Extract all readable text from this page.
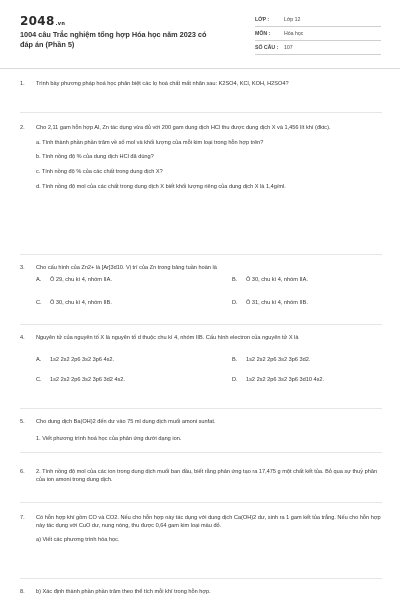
2048.vn
1004 câu Trắc nghiệm tổng hợp Hóa học năm 2023 có đáp án (Phần 5)
LỚP :	Lớp 12
MÔN :	Hóa học
SỐ CÂU : 107
1. Trình bày phương pháp hoá học phân biệt các lọ hoá chất mất nhãn sau: K2SO4, KCl, KOH, H2SO4?
2. Cho 2,11 gam hỗn hợp Al, Zn tác dụng vừa đủ với 200 gam dung dịch HCl thu được dung dịch X và 1,456 lít khí (đktc).
a. Tính thành phần phần trăm về số mol và khối lượng của mỗi kim loại trong hỗn hợp trên?
b. Tính nồng độ % của dung dịch HCl đã dùng?
c. Tính nồng độ % của các chất trong dung dịch X?
d. Tính nồng độ mol của các chất trong dung dịch X biết khối lượng riêng của dung dịch X là 1,4g/ml.
3. Cho cấu hình của Zn2+ là [Ar]3d10. Vị trí của Zn trong bảng tuần hoàn là
A. Ô 29, chu kì 4, nhóm IIA.	B. Ô 30, chu kì 4, nhóm IIA.
C. Ô 30, chu kì 4, nhóm IIB.	D. Ô 31, chu kì 4, nhóm IIB.
4. Nguyên tử của nguyên tố X là nguyên tố d thuộc chu kì 4, nhóm IIB. Cấu hình electron của nguyên tử X là
A. 1s2 2s2 2p6 3s2 3p6 4s2.	B. 1s2 2s2 2p6 3s2 3p6 3d2.
C. 1s2 2s2 2p6 3s2 3p6 3d2 4s2.	D. 1s2 2s2 2p6 3s2 3p6 3d10 4s2.
5. Cho dung dịch Ba(OH)2 đến dư vào 75 ml dung dịch muối amoni sunfat.
1. Viết phương trình hoá học của phản ứng dưới dạng ion.
6. 2. Tính nồng độ mol của các ion trong dung dịch muối ban đầu, biết rằng phản ứng tạo ra 17,475 g một chất kết tủa. Bỏ qua sự thuỷ phân của ion amoni trong dung dịch.
7. Có hỗn hợp khí gồm CO và CO2. Nếu cho hỗn hợp này tác dụng với dung dịch Ca(OH)2 dư, sinh ra 1 gam kết tủa trắng. Nếu cho hỗn hợp này tác dụng với CuO dư, nung nóng, thu được 0,64 gam kim loại màu đỏ.
a) Viết các phương trình hóa học.
8. b) Xác định thành phần phần trăm theo thể tích mỗi khí trong hỗn hợp.
